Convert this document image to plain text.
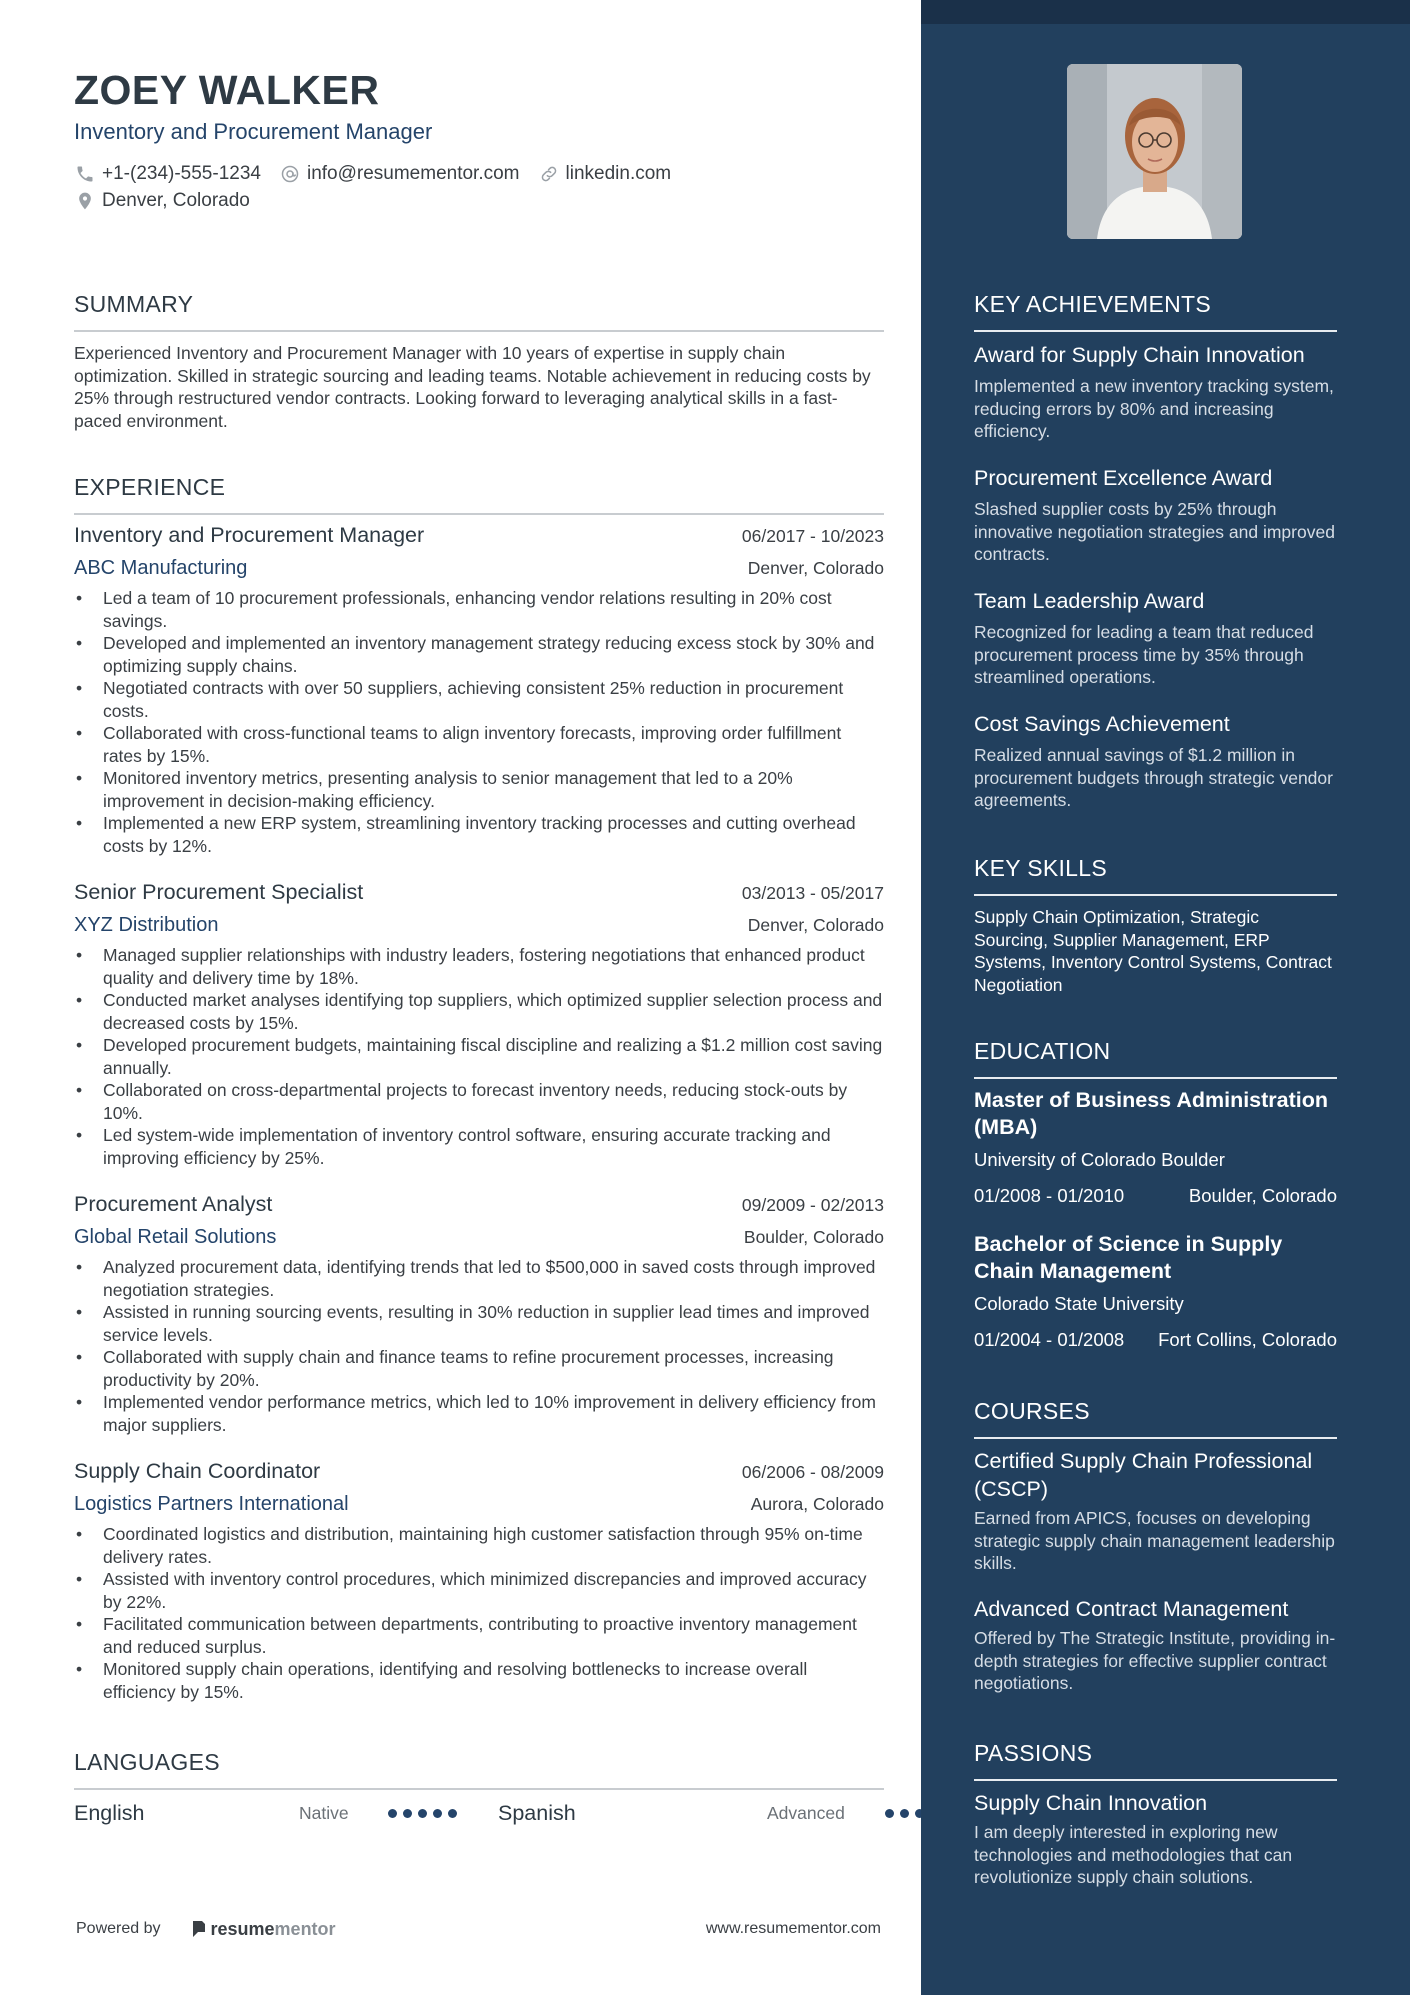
ZOEY WALKER
Inventory and Procurement Manager
+1-(234)-555-1234 info@resumementor.com linkedin.com
Denver, Colorado
SUMMARY
Experienced Inventory and Procurement Manager with 10 years of expertise in supply chain optimization. Skilled in strategic sourcing and leading teams. Notable achievement in reducing costs by 25% through restructured vendor contracts. Looking forward to leveraging analytical skills in a fast-paced environment.
EXPERIENCE
Inventory and Procurement Manager	06/2017 - 10/2023
ABC Manufacturing	Denver, Colorado
• Led a team of 10 procurement professionals, enhancing vendor relations resulting in 20% cost savings.
• Developed and implemented an inventory management strategy reducing excess stock by 30% and optimizing supply chains.
• Negotiated contracts with over 50 suppliers, achieving consistent 25% reduction in procurement costs.
• Collaborated with cross-functional teams to align inventory forecasts, improving order fulfillment rates by 15%.
• Monitored inventory metrics, presenting analysis to senior management that led to a 20% improvement in decision-making efficiency.
• Implemented a new ERP system, streamlining inventory tracking processes and cutting overhead costs by 12%.
Senior Procurement Specialist	03/2013 - 05/2017
XYZ Distribution	Denver, Colorado
• Managed supplier relationships with industry leaders, fostering negotiations that enhanced product quality and delivery time by 18%.
• Conducted market analyses identifying top suppliers, which optimized supplier selection process and decreased costs by 15%.
• Developed procurement budgets, maintaining fiscal discipline and realizing a $1.2 million cost saving annually.
• Collaborated on cross-departmental projects to forecast inventory needs, reducing stock-outs by 10%.
• Led system-wide implementation of inventory control software, ensuring accurate tracking and improving efficiency by 25%.
Procurement Analyst	09/2009 - 02/2013
Global Retail Solutions	Boulder, Colorado
• Analyzed procurement data, identifying trends that led to $500,000 in saved costs through improved negotiation strategies.
• Assisted in running sourcing events, resulting in 30% reduction in supplier lead times and improved service levels.
• Collaborated with supply chain and finance teams to refine procurement processes, increasing productivity by 20%.
• Implemented vendor performance metrics, which led to 10% improvement in delivery efficiency from major suppliers.
Supply Chain Coordinator	06/2006 - 08/2009
Logistics Partners International	Aurora, Colorado
• Coordinated logistics and distribution, maintaining high customer satisfaction through 95% on-time delivery rates.
• Assisted with inventory control procedures, which minimized discrepancies and improved accuracy by 22%.
• Facilitated communication between departments, contributing to proactive inventory management and reduced surplus.
• Monitored supply chain operations, identifying and resolving bottlenecks to increase overall efficiency by 15%.
LANGUAGES
English	Native	Spanish	Advanced
Powered by	resume mentor	www.resumementor.com
KEY ACHIEVEMENTS
Award for Supply Chain Innovation
Implemented a new inventory tracking system, reducing errors by 80% and increasing efficiency.
Procurement Excellence Award
Slashed supplier costs by 25% through innovative negotiation strategies and improved contracts.
Team Leadership Award
Recognized for leading a team that reduced procurement process time by 35% through streamlined operations.
Cost Savings Achievement
Realized annual savings of $1.2 million in procurement budgets through strategic vendor agreements.
KEY SKILLS
Supply Chain Optimization, Strategic Sourcing, Supplier Management, ERP Systems, Inventory Control Systems, Contract Negotiation
EDUCATION
Master of Business Administration (MBA)
University of Colorado Boulder
01/2008 - 01/2010	Boulder, Colorado
Bachelor of Science in Supply Chain Management
Colorado State University
01/2004 - 01/2008 Fort Collins, Colorado
COURSES
Certified Supply Chain Professional (CSCP)
Earned from APICS, focuses on developing strategic supply chain management leadership skills.
Advanced Contract Management
Offered by The Strategic Institute, providing in-depth strategies for effective supplier contract negotiations.
PASSIONS
Supply Chain Innovation
I am deeply interested in exploring new technologies and methodologies that can revolutionize supply chain solutions.
